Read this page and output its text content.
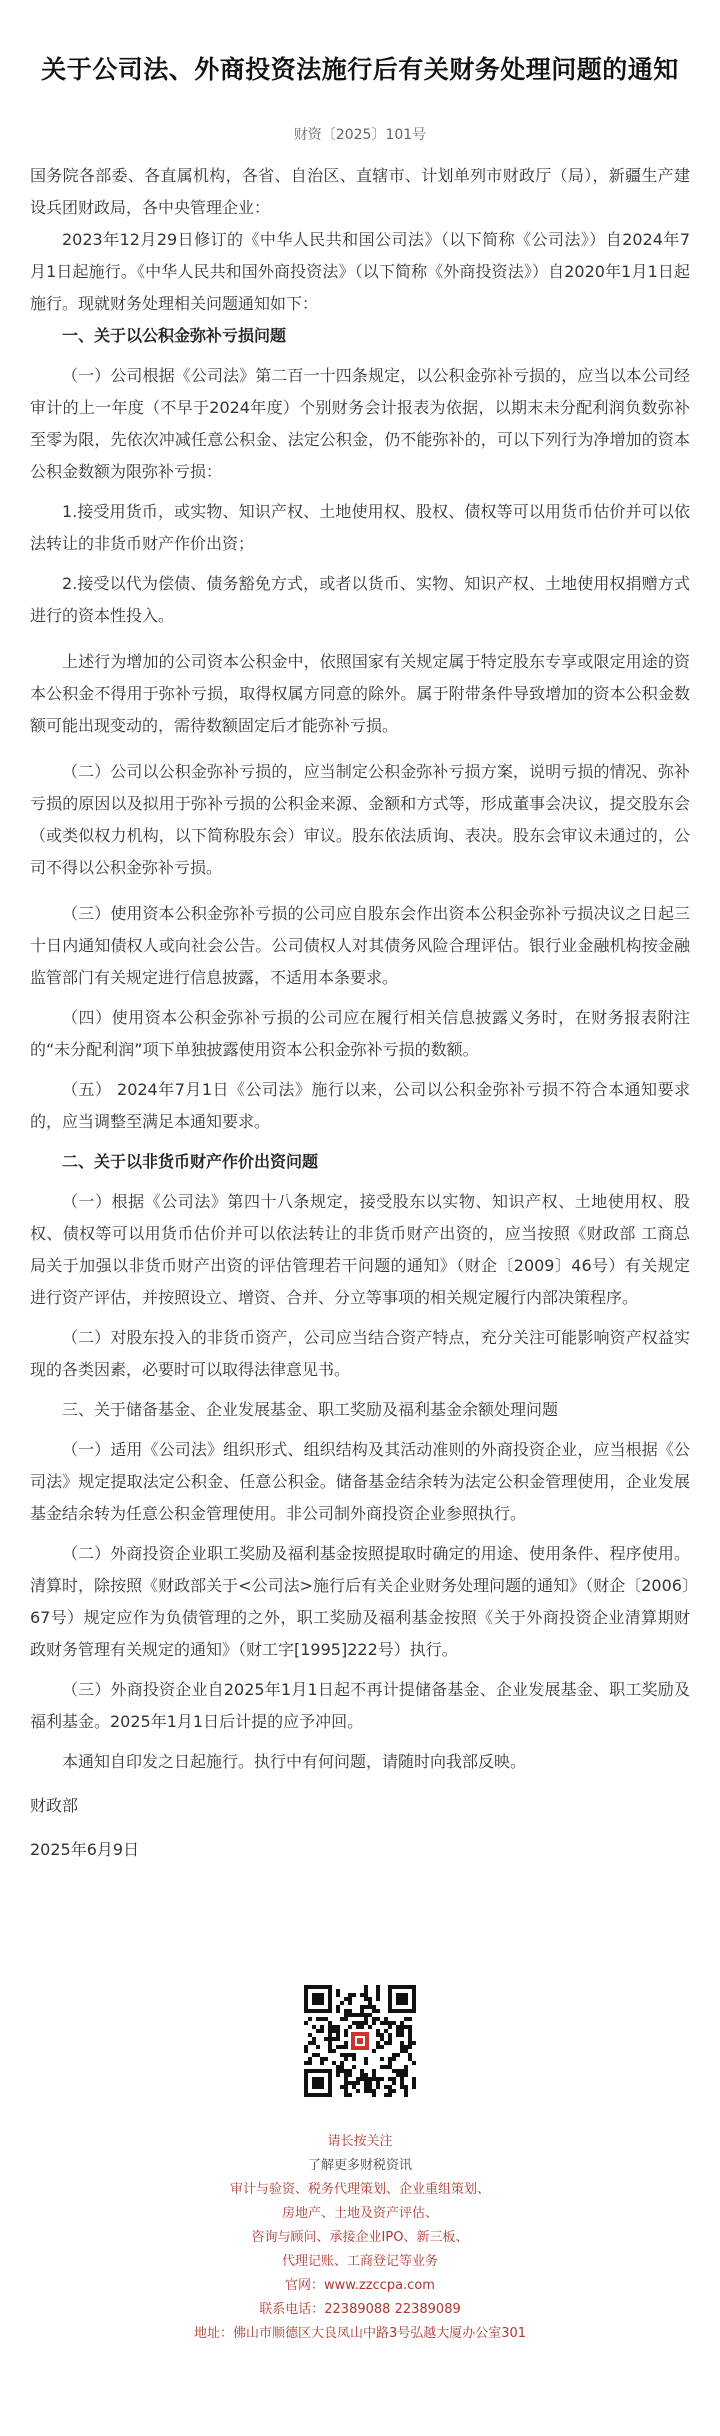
关于公司法、外商投资法施行后有关财务处理问题的通知
财资〔2025〕101号

国务院各部委、各直属机构，各省、自治区、直辖市、计划单列市财政厅（局），新疆生产建设兵团财政局，各中央管理企业：

2023年12月29日修订的《中华人民共和国公司法》（以下简称《公司法》）自2024年7月1日起施行。《中华人民共和国外商投资法》（以下简称《外商投资法》）自2020年1月1日起施行。现就财务处理相关问题通知如下：

一、关于以公积金弥补亏损问题

（一）公司根据《公司法》第二百一十四条规定，以公积金弥补亏损的，应当以本公司经审计的上一年度（不早于2024年度）个别财务会计报表为依据，以期末未分配利润负数弥补至零为限，先依次冲减任意公积金、法定公积金，仍不能弥补的，可以下列行为净增加的资本公积金数额为限弥补亏损：

1.接受用货币，或实物、知识产权、土地使用权、股权、债权等可以用货币估价并可以依法转让的非货币财产作价出资；

2.接受以代为偿债、债务豁免方式，或者以货币、实物、知识产权、土地使用权捐赠方式进行的资本性投入。

上述行为增加的公司资本公积金中，依照国家有关规定属于特定股东专享或限定用途的资本公积金不得用于弥补亏损，取得权属方同意的除外。属于附带条件导致增加的资本公积金数额可能出现变动的，需待数额固定后才能弥补亏损。

（二）公司以公积金弥补亏损的，应当制定公积金弥补亏损方案，说明亏损的情况、弥补亏损的原因以及拟用于弥补亏损的公积金来源、金额和方式等，形成董事会决议，提交股东会（或类似权力机构，以下简称股东会）审议。股东依法质询、表决。股东会审议未通过的，公司不得以公积金弥补亏损。

（三）使用资本公积金弥补亏损的公司应自股东会作出资本公积金弥补亏损决议之日起三十日内通知债权人或向社会公告。公司债权人对其债务风险合理评估。银行业金融机构按金融监管部门有关规定进行信息披露，不适用本条要求。

（四）使用资本公积金弥补亏损的公司应在履行相关信息披露义务时，在财务报表附注的“未分配利润”项下单独披露使用资本公积金弥补亏损的数额。

（五） 2024年7月1日《公司法》施行以来，公司以公积金弥补亏损不符合本通知要求的，应当调整至满足本通知要求。

二、关于以非货币财产作价出资问题

（一）根据《公司法》第四十八条规定，接受股东以实物、知识产权、土地使用权、股权、债权等可以用货币估价并可以依法转让的非货币财产出资的，应当按照《财政部 工商总局关于加强以非货币财产出资的评估管理若干问题的通知》（财企〔2009〕46号）有关规定进行资产评估，并按照设立、增资、合并、分立等事项的相关规定履行内部决策程序。

（二）对股东投入的非货币资产，公司应当结合资产特点，充分关注可能影响资产权益实现的各类因素，必要时可以取得法律意见书。

三、关于储备基金、企业发展基金、职工奖励及福利基金余额处理问题

（一）适用《公司法》组织形式、组织结构及其活动准则的外商投资企业，应当根据《公司法》规定提取法定公积金、任意公积金。储备基金结余转为法定公积金管理使用，企业发展基金结余转为任意公积金管理使用。非公司制外商投资企业参照执行。

（二）外商投资企业职工奖励及福利基金按照提取时确定的用途、使用条件、程序使用。清算时，除按照《财政部关于<公司法>施行后有关企业财务处理问题的通知》（财企〔2006〕67号）规定应作为负债管理的之外，职工奖励及福利基金按照《关于外商投资企业清算期财政财务管理有关规定的通知》（财工字[1995]222号）执行。

（三）外商投资企业自2025年1月1日起不再计提储备基金、企业发展基金、职工奖励及福利基金。2025年1月1日后计提的应予冲回。

本通知自印发之日起施行。执行中有何问题，请随时向我部反映。

财政部

2025年6月9日

请长按关注
了解更多财税资讯
审计与验资、税务代理策划、企业重组策划、
房地产、土地及资产评估、
咨询与顾问、承接企业IPO、新三板、
代理记账、工商登记等业务
官网：www.zzccpa.com
联系电话：22389088 22389089
地址：佛山市顺德区大良凤山中路3号弘越大厦办公室301
